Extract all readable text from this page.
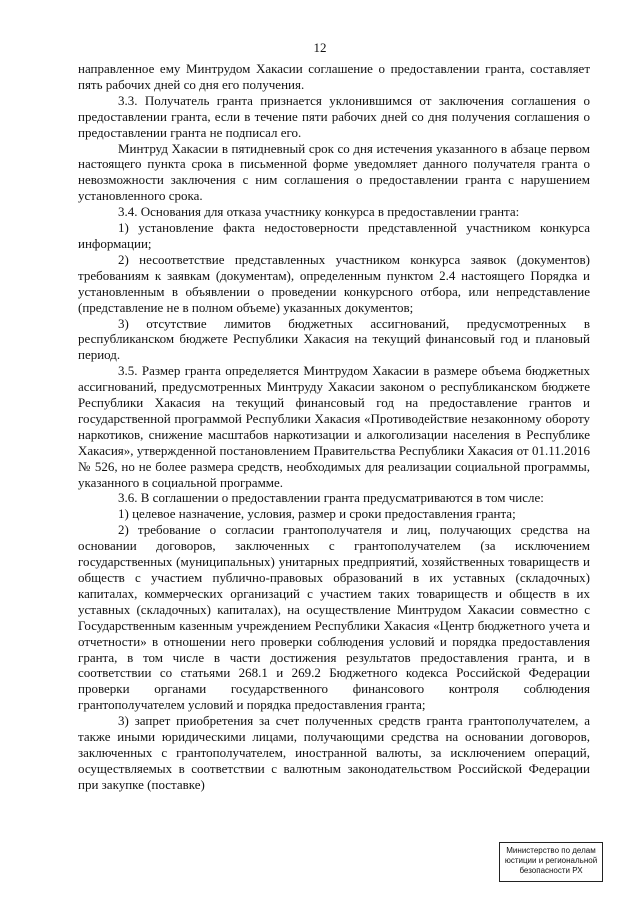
12

направленное ему Минтрудом Хакасии соглашение о предоставлении гранта, составляет пять рабочих дней со дня его получения.

3.3. Получатель гранта признается уклонившимся от заключения соглашения о предоставлении гранта, если в течение пяти рабочих дней со дня получения соглашения о предоставлении гранта не подписал его.

Минтруд Хакасии в пятидневный срок со дня истечения указанного в абзаце первом настоящего пункта срока в письменной форме уведомляет данного получателя гранта о невозможности заключения с ним соглашения о предоставлении гранта с нарушением установленного срока.

3.4. Основания для отказа участнику конкурса в предоставлении гранта:

1) установление факта недостоверности представленной участником конкурса информации;

2) несоответствие представленных участником конкурса заявок (документов) требованиям к заявкам (документам), определенным пунктом 2.4 настоящего Порядка и установленным в объявлении о проведении конкурсного отбора, или непредставление (представление не в полном объеме) указанных документов;

3) отсутствие лимитов бюджетных ассигнований, предусмотренных в республиканском бюджете Республики Хакасия на текущий финансовый год и плановый период.

3.5. Размер гранта определяется Минтрудом Хакасии в размере объема бюджетных ассигнований, предусмотренных Минтруду Хакасии законом о республиканском бюджете Республики Хакасия на текущий финансовый год на предоставление грантов и государственной программой Республики Хакасия «Противодействие незаконному обороту наркотиков, снижение масштабов наркотизации и алкоголизации населения в Республике Хакасия», утвержденной постановлением Правительства Республики Хакасия от 01.11.2016 № 526, но не более размера средств, необходимых для реализации социальной программы, указанного в социальной программе.

3.6. В соглашении о предоставлении гранта предусматриваются в том числе:

1) целевое назначение, условия, размер и сроки предоставления гранта;

2) требование о согласии грантополучателя и лиц, получающих средства на основании договоров, заключенных с грантополучателем (за исключением государственных (муниципальных) унитарных предприятий, хозяйственных товариществ и обществ с участием публично-правовых образований в их уставных (складочных) капиталах, коммерческих организаций с участием таких товариществ и обществ в их уставных (складочных) капиталах), на осуществление Минтрудом Хакасии совместно с Государственным казенным учреждением Республики Хакасия «Центр бюджетного учета и отчетности» в отношении него проверки соблюдения условий и порядка предоставления гранта, в том числе в части достижения результатов предоставления гранта, и в соответствии со статьями 268.1 и 269.2 Бюджетного кодекса Российской Федерации проверки органами государственного финансового контроля соблюдения грантополучателем условий и порядка предоставления гранта;

3) запрет приобретения за счет полученных средств гранта грантополучателем, а также иными юридическими лицами, получающими средства на основании договоров, заключенных с грантополучателем, иностранной валюты, за исключением операций, осуществляемых в соответствии с валютным законодательством Российской Федерации при закупке (поставке)

Министерство по делам
юстиции и региональной
безопасности РХ
